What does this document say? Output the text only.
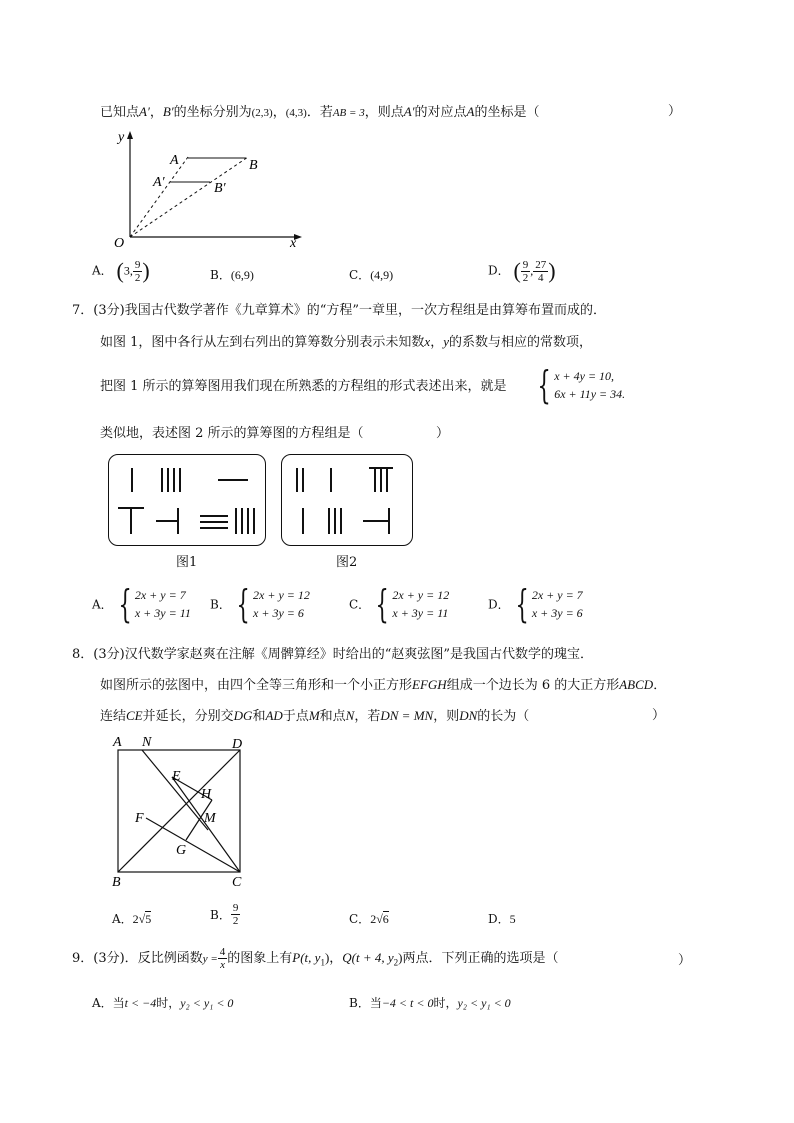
已知点A′，B′的坐标分别为(2,3)，(4,3)．若AB = 3，则点A′的对应点A的坐标是（	）
y
x
O
A	B
A′	B′
A． (3, $\frac{9}{2}$ )	B．(6,9)	C．(4,9)	D． ( $\frac{9}{2}$ , $\frac{27}{4}$ )
7．(3分)我国古代数学著作《九章算术》的“方程”一章里，一次方程组是由算筹布置而成的．
如图 1，图中各行从左到右列出的算筹数分别表示未知数x，y的系数与相应的常数项，
把图 1 所示的算筹图用我们现在所熟悉的方程组的形式表述出来，就是 { x + 4y = 10,
6x + 11y = 34.
类似地，表述图 2 所示的算筹图的方程组是（	）
图1	图2
A． { 2x + y = 7
x + 3y = 11
B． { 2x + y = 12
x + 3y = 6
C． { 2x + y = 12
x + 3y = 11
D． { 2x + y = 7
x + 3y = 6
8．(3分)汉代数学家赵爽在注解《周髀算经》时给出的“赵爽弦图”是我国古代数学的瑰宝．
如图所示的弦图中，由四个全等三角形和一个小正方形EFGH组成一个边长为 6 的大正方形ABCD．
连结CE并延长，分别交DG和AD于点M和点N，若DN = MN，则DN的长为（	）
A N	D
E
H
F	M
G
B	C
A．2√5	B． $\frac{9}{2}$	C．2√6	D．5
9．(3分)．反比例函数$y = \frac{4}{x}$ 的图象上有P(t, $y_1$)，Q(t + 4, $y_2$)两点．下列正确的选项是（	）
A．当t < −4时，y₂ < y₁ < 0	B．当−4 < t < 0时，y₂ < y₁ < 0
